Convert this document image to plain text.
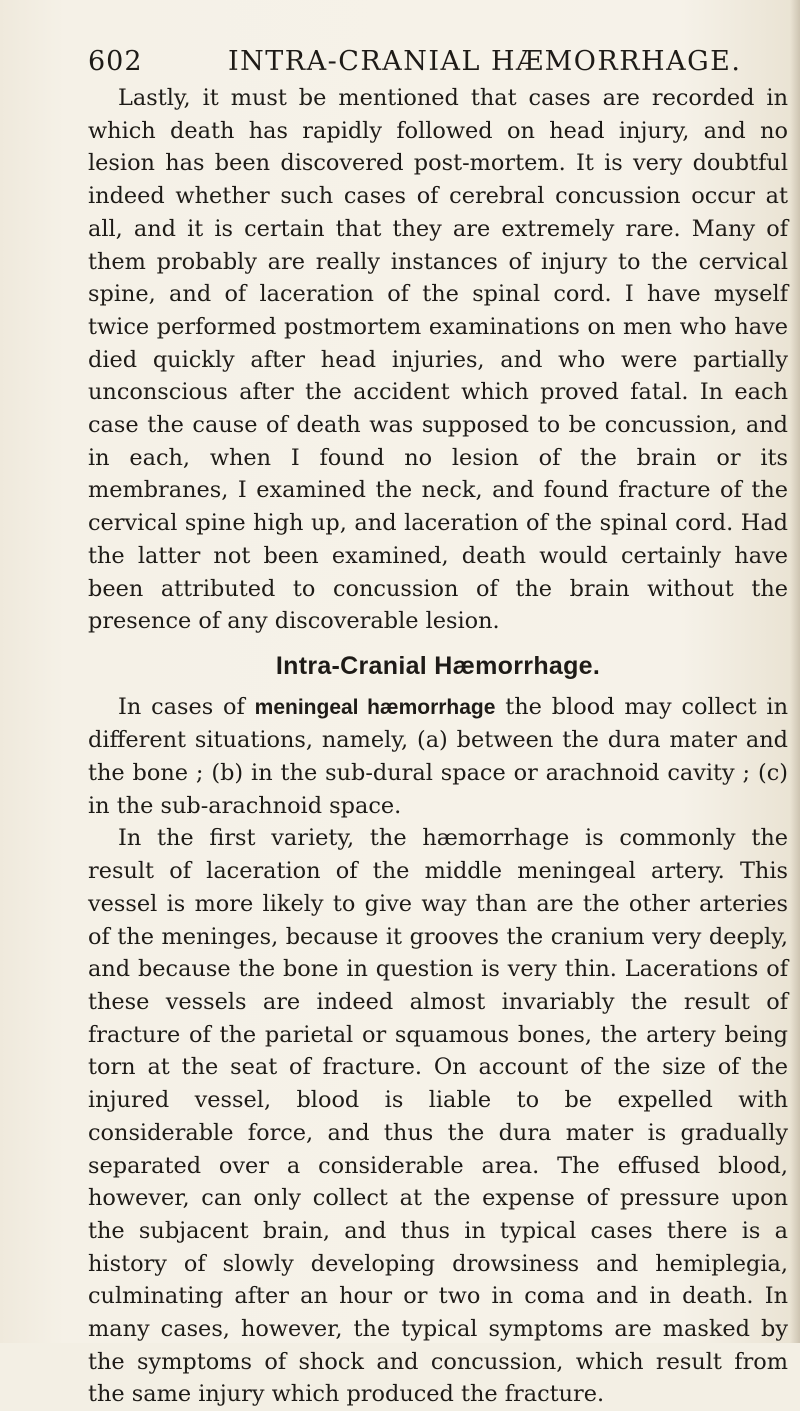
602	INTRA-CRANIAL HÆMORRHAGE.

Lastly, it must be mentioned that cases are recorded in which death has rapidly followed on head injury, and no lesion has been discovered post-mortem. It is very doubtful indeed whether such cases of cerebral concussion occur at all, and it is certain that they are extremely rare. Many of them probably are really instances of injury to the cervical spine, and of laceration of the spinal cord. I have myself twice performed postmortem examinations on men who have died quickly after head injuries, and who were partially unconscious after the accident which proved fatal. In each case the cause of death was supposed to be concussion, and in each, when I found no lesion of the brain or its membranes, I examined the neck, and found fracture of the cervical spine high up, and laceration of the spinal cord. Had the latter not been examined, death would certainly have been attributed to concussion of the brain without the presence of any discoverable lesion.

Intra-Cranial Hæmorrhage.

In cases of meningeal hæmorrhage the blood may collect in different situations, namely, (a) between the dura mater and the bone ; (b) in the sub-dural space or arachnoid cavity ; (c) in the sub-arachnoid space.

In the first variety, the hæmorrhage is commonly the result of laceration of the middle meningeal artery. This vessel is more likely to give way than are the other arteries of the meninges, because it grooves the cranium very deeply, and because the bone in question is very thin. Lacerations of these vessels are indeed almost invariably the result of fracture of the parietal or squamous bones, the artery being torn at the seat of fracture. On account of the size of the injured vessel, blood is liable to be expelled with considerable force, and thus the dura mater is gradually separated over a considerable area. The effused blood, however, can only collect at the expense of pressure upon the subjacent brain, and thus in typical cases there is a history of slowly developing drowsiness and hemiplegia, culminating after an hour or two in coma and in death. In many cases, however, the typical symptoms are masked by the symptoms of shock and concussion, which result from the same injury which produced the fracture.
